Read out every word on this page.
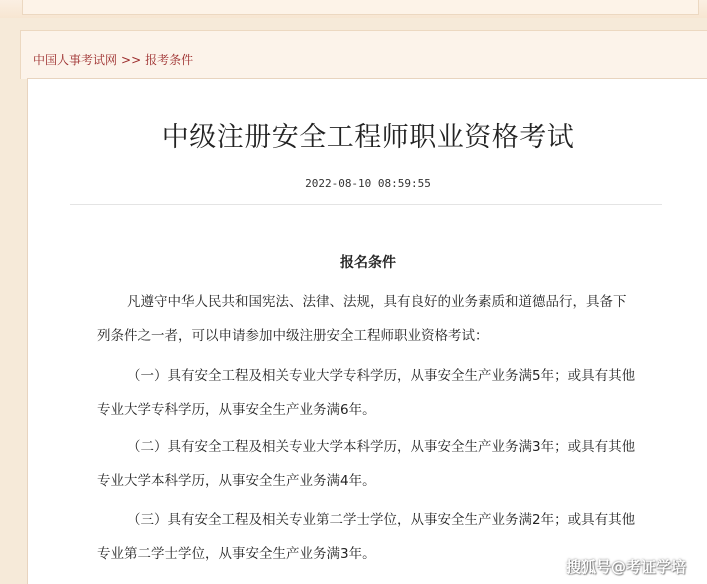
中国人事考试网 >> 报考条件
中级注册安全工程师职业资格考试
2022-08-10 08:59:55
报名条件
凡遵守中华人民共和国宪法、法律、法规，具有良好的业务素质和道德品行，具备下列条件之一者，可以申请参加中级注册安全工程师职业资格考试：
（一）具有安全工程及相关专业大学专科学历，从事安全生产业务满5年；或具有其他专业大学专科学历，从事安全生产业务满6年。
（二）具有安全工程及相关专业大学本科学历，从事安全生产业务满3年；或具有其他专业大学本科学历，从事安全生产业务满4年。
（三）具有安全工程及相关专业第二学士学位，从事安全生产业务满2年；或具有其他专业第二学士学位，从事安全生产业务满3年。
搜狐号@考证学培
